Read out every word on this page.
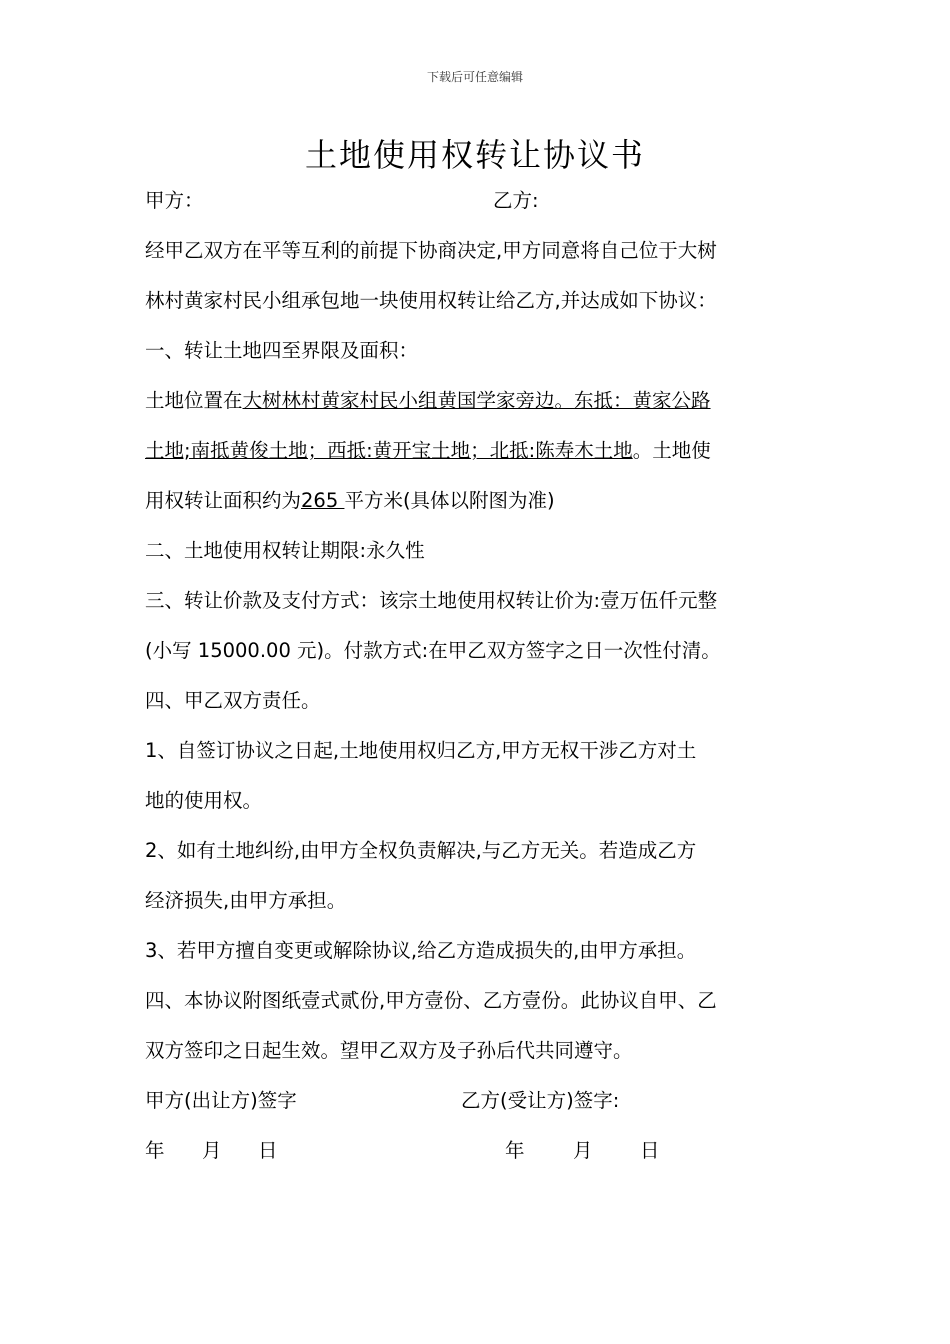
下载后可任意编辑
土地使用权转让协议书
甲方：	乙方:
经甲乙双方在平等互利的前提下协商决定,甲方同意将自己位于大树
林村黄家村民小组承包地一块使用权转让给乙方,并达成如下协议：
一、转让土地四至界限及面积：
土地位置在大树林村黄家村民小组黄国学家旁边。东抵：黄家公路
土地;南抵黄俊土地；西抵:黄开宝土地；北抵:陈寿木土地。土地使
用权转让面积约为265 平方米(具体以附图为准)
二、土地使用权转让期限:永久性
三、转让价款及支付方式：该宗土地使用权转让价为:壹万伍仟元整
(小写 15000.00 元)。付款方式:在甲乙双方签字之日一次性付清。
四、甲乙双方责任。
1、自签订协议之日起,土地使用权归乙方,甲方无权干涉乙方对土
地的使用权。
2、如有土地纠纷,由甲方全权负责解决,与乙方无关。若造成乙方
经济损失,由甲方承担。
3、若甲方擅自变更或解除协议,给乙方造成损失的,由甲方承担。
四、本协议附图纸壹式贰份,甲方壹份、乙方壹份。此协议自甲、乙
双方签印之日起生效。望甲乙双方及子孙后代共同遵守。
甲方(出让方)签字	乙方(受让方)签字:
年 月 日	年 月 日
